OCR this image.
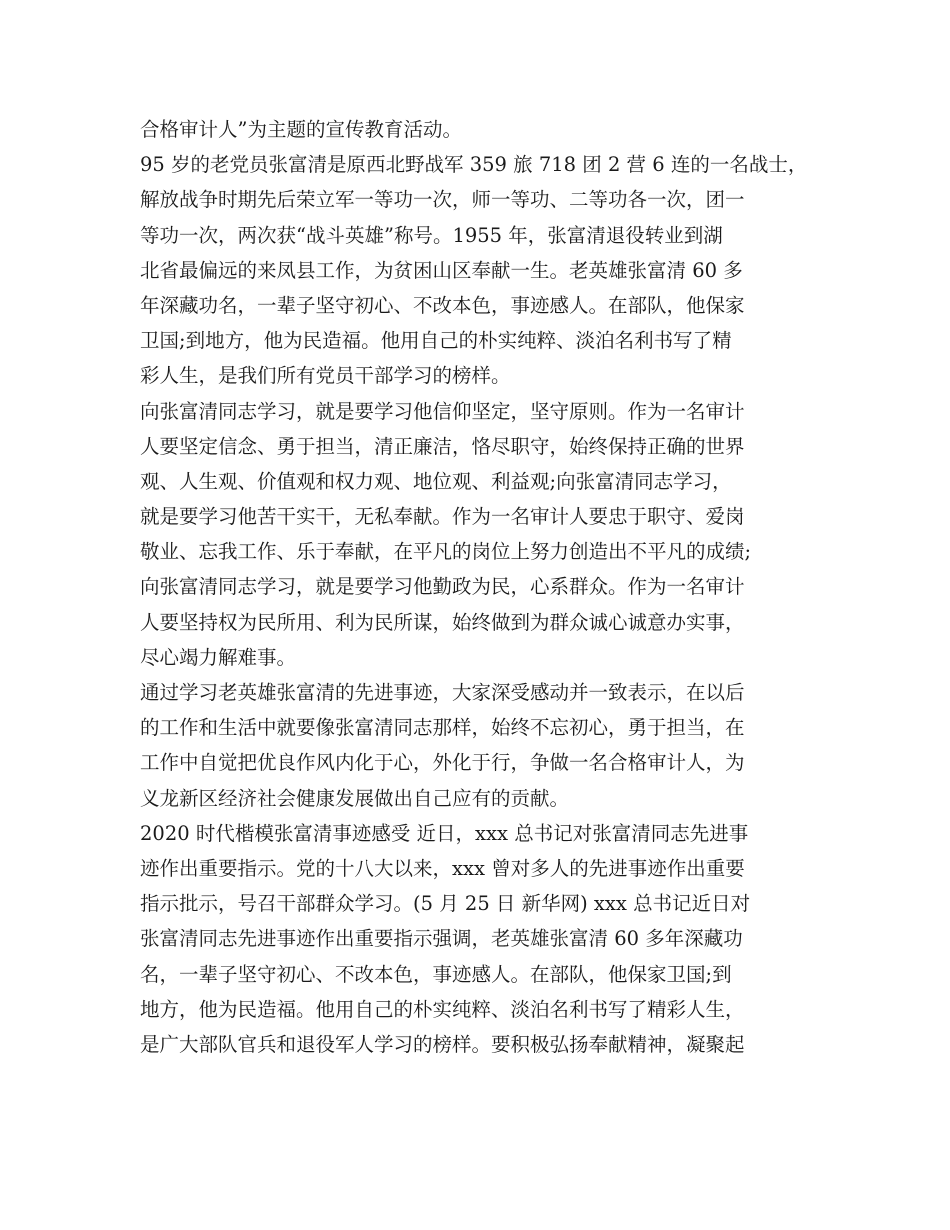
合格审计人”为主题的宣传教育活动。
95 岁的老党员张富清是原西北野战军 359 旅 718 团 2 营 6 连的一名战士，
解放战争时期先后荣立军一等功一次，师一等功、二等功各一次，团一
等功一次，两次获“战斗英雄”称号。1955 年，张富清退役转业到湖
北省最偏远的来凤县工作，为贫困山区奉献一生。老英雄张富清 60 多
年深藏功名，一辈子坚守初心、不改本色，事迹感人。在部队，他保家
卫国;到地方，他为民造福。他用自己的朴实纯粹、淡泊名利书写了精
彩人生，是我们所有党员干部学习的榜样。
向张富清同志学习，就是要学习他信仰坚定，坚守原则。作为一名审计
人要坚定信念、勇于担当，清正廉洁，恪尽职守，始终保持正确的世界
观、人生观、价值观和权力观、地位观、利益观;向张富清同志学习，
就是要学习他苦干实干，无私奉献。作为一名审计人要忠于职守、爱岗
敬业、忘我工作、乐于奉献，在平凡的岗位上努力创造出不平凡的成绩;
向张富清同志学习，就是要学习他勤政为民，心系群众。作为一名审计
人要坚持权为民所用、利为民所谋，始终做到为群众诚心诚意办实事，
尽心竭力解难事。
通过学习老英雄张富清的先进事迹，大家深受感动并一致表示，在以后
的工作和生活中就要像张富清同志那样，始终不忘初心，勇于担当，在
工作中自觉把优良作风内化于心，外化于行，争做一名合格审计人，为
义龙新区经济社会健康发展做出自己应有的贡献。
2020 时代楷模张富清事迹感受 近日，xxx 总书记对张富清同志先进事
迹作出重要指示。党的十八大以来，xxx 曾对多人的先进事迹作出重要
指示批示，号召干部群众学习。(5 月 25 日 新华网) xxx 总书记近日对
张富清同志先进事迹作出重要指示强调，老英雄张富清 60 多年深藏功
名，一辈子坚守初心、不改本色，事迹感人。在部队，他保家卫国;到
地方，他为民造福。他用自己的朴实纯粹、淡泊名利书写了精彩人生，
是广大部队官兵和退役军人学习的榜样。要积极弘扬奉献精神，凝聚起
